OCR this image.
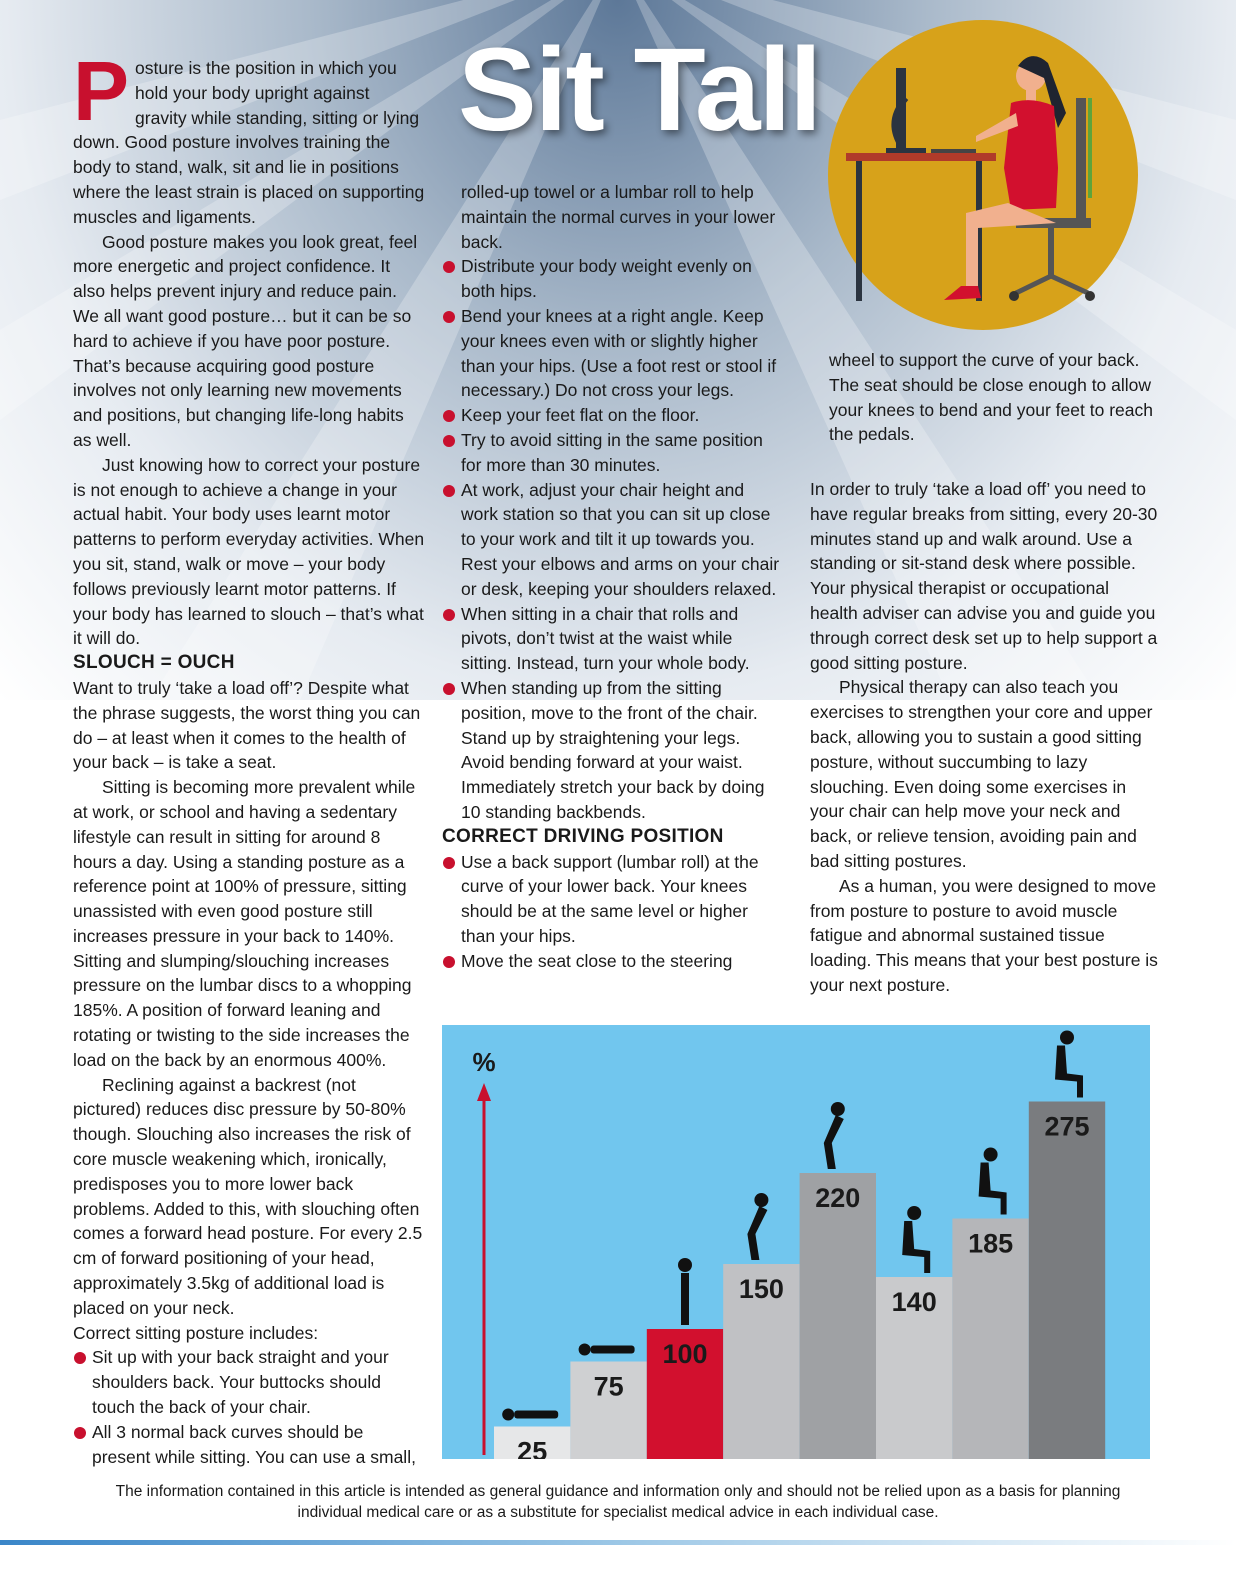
Sit Tall

Posture is the position in which you hold your body upright against gravity while standing, sitting or lying down. Good posture involves training the body to stand, walk, sit and lie in positions where the least strain is placed on supporting muscles and ligaments.

Good posture makes you look great, feel more energetic and project confidence. It also helps prevent injury and reduce pain. We all want good posture… but it can be so hard to achieve if you have poor posture. That’s because acquiring good posture involves not only learning new movements and positions, but changing life-long habits as well.

Just knowing how to correct your posture is not enough to achieve a change in your actual habit. Your body uses learnt motor patterns to perform everyday activities. When you sit, stand, walk or move – your body follows previously learnt motor patterns. If your body has learned to slouch – that’s what it will do.

SLOUCH = OUCH

Want to truly ‘take a load off’? Despite what the phrase suggests, the worst thing you can do – at least when it comes to the health of your back – is take a seat.

Sitting is becoming more prevalent while at work, or school and having a sedentary lifestyle can result in sitting for around 8 hours a day. Using a standing posture as a reference point at 100% of pressure, sitting unassisted with even good posture still increases pressure in your back to 140%. Sitting and slumping/slouching increases pressure on the lumbar discs to a whopping 185%. A position of forward leaning and rotating or twisting to the side increases the load on the back by an enormous 400%.

Reclining against a backrest (not pictured) reduces disc pressure by 50-80% though. Slouching also increases the risk of core muscle weakening which, ironically, predisposes you to more lower back problems. Added to this, with slouching often comes a forward head posture. For every 2.5 cm of forward positioning of your head, approximately 3.5kg of additional load is placed on your neck.

Correct sitting posture includes:

Sit up with your back straight and your shoulders back. Your buttocks should touch the back of your chair.
All 3 normal back curves should be present while sitting. You can use a small,

rolled-up towel or a lumbar roll to help maintain the normal curves in your lower back.

Distribute your body weight evenly on both hips.
Bend your knees at a right angle. Keep your knees even with or slightly higher than your hips. (Use a foot rest or stool if necessary.) Do not cross your legs.
Keep your feet flat on the floor.
Try to avoid sitting in the same position for more than 30 minutes.
At work, adjust your chair height and work station so that you can sit up close to your work and tilt it up towards you. Rest your elbows and arms on your chair or desk, keeping your shoulders relaxed.
When sitting in a chair that rolls and pivots, don’t twist at the waist while sitting. Instead, turn your whole body.
When standing up from the sitting position, move to the front of the chair. Stand up by straightening your legs. Avoid bending forward at your waist. Immediately stretch your back by doing 10 standing backbends.

CORRECT DRIVING POSITION

Use a back support (lumbar roll) at the curve of your lower back. Your knees should be at the same level or higher than your hips.
Move the seat close to the steering

wheel to support the curve of your back. The seat should be close enough to allow your knees to bend and your feet to reach the pedals.

In order to truly ‘take a load off’ you need to have regular breaks from sitting, every 20-30 minutes stand up and walk around. Use a standing or sit-stand desk where possible. Your physical therapist or occupational health adviser can advise you and guide you through correct desk set up to help support a good sitting posture.

Physical therapy can also teach you exercises to strengthen your core and upper back, allowing you to sustain a good sitting posture, without succumbing to lazy slouching. Even doing some exercises in your chair can help move your neck and back, or relieve tension, avoiding pain and bad sitting postures.

As a human, you were designed to move from posture to posture to avoid muscle fatigue and abnormal sustained tissue loading. This means that your best posture is your next posture.

%
25
75
100
150
220
140
185
275
The information contained in this article is intended as general guidance and information only and should not be relied upon as a basis for planning
individual medical care or as a substitute for specialist medical advice in each individual case.
